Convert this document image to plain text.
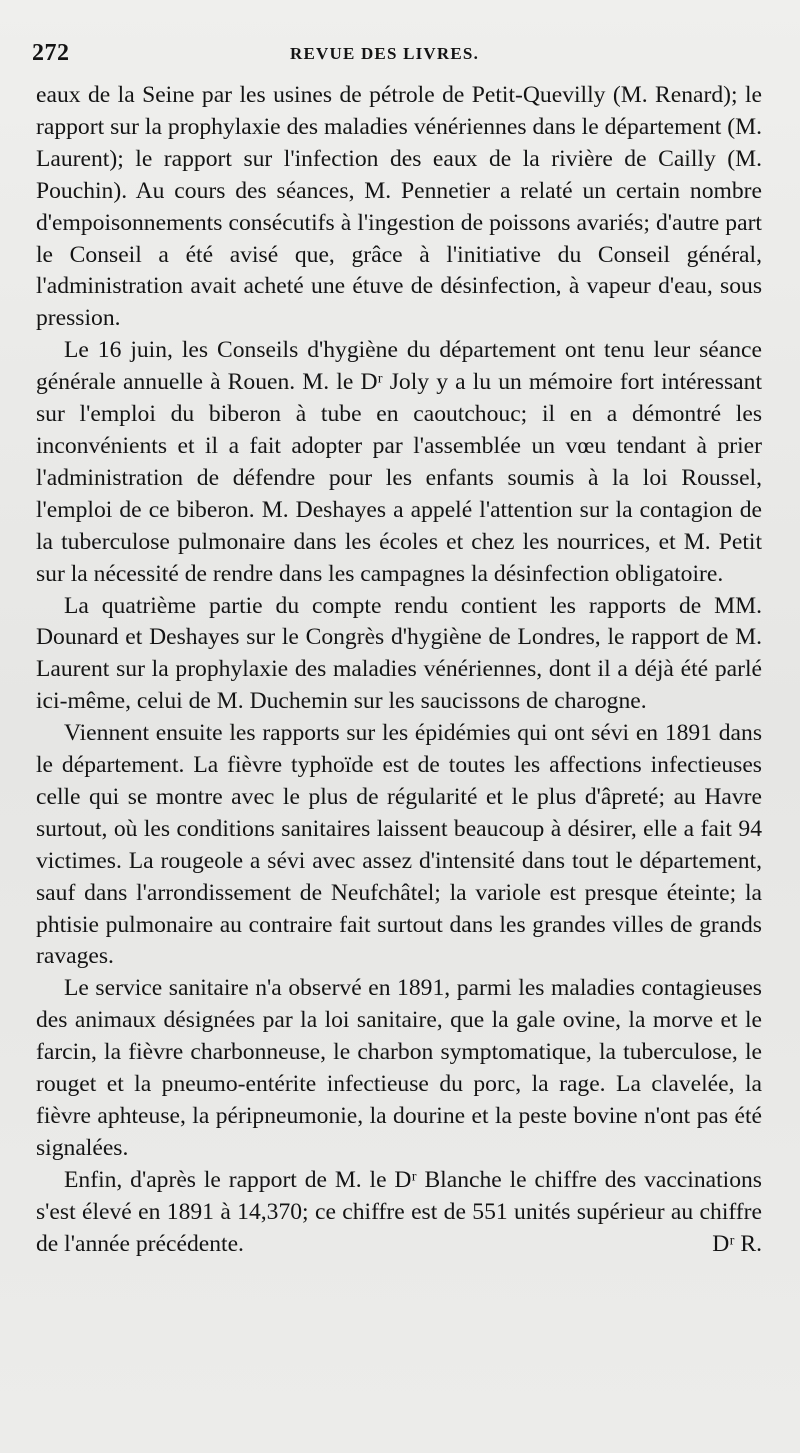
272	REVUE DES LIVRES.

eaux de la Seine par les usines de pétrole de Petit-Quevilly (M. Renard); le rapport sur la prophylaxie des maladies vénériennes dans le département (M. Laurent); le rapport sur l'infection des eaux de la rivière de Cailly (M. Pouchin). Au cours des séances, M. Pennetier a relaté un certain nombre d'empoisonnements consécutifs à l'ingestion de poissons avariés; d'autre part le Conseil a été avisé que, grâce à l'initiative du Conseil général, l'administration avait acheté une étuve de désinfection, à vapeur d'eau, sous pression.

Le 16 juin, les Conseils d'hygiène du département ont tenu leur séance générale annuelle à Rouen. M. le Dʳ Joly y a lu un mémoire fort intéressant sur l'emploi du biberon à tube en caoutchouc; il en a démontré les inconvénients et il a fait adopter par l'assemblée un vœu tendant à prier l'administration de défendre pour les enfants soumis à la loi Roussel, l'emploi de ce biberon. M. Deshayes a appelé l'attention sur la contagion de la tuberculose pulmonaire dans les écoles et chez les nourrices, et M. Petit sur la nécessité de rendre dans les campagnes la désinfection obligatoire.

La quatrième partie du compte rendu contient les rapports de MM. Dounard et Deshayes sur le Congrès d'hygiène de Londres, le rapport de M. Laurent sur la prophylaxie des maladies vénériennes, dont il a déjà été parlé ici-même, celui de M. Duchemin sur les saucissons de charogne.

Viennent ensuite les rapports sur les épidémies qui ont sévi en 1891 dans le département. La fièvre typhoïde est de toutes les affections infectieuses celle qui se montre avec le plus de régularité et le plus d'âpreté; au Havre surtout, où les conditions sanitaires laissent beaucoup à désirer, elle a fait 94 victimes. La rougeole a sévi avec assez d'intensité dans tout le département, sauf dans l'arrondissement de Neufchâtel; la variole est presque éteinte; la phtisie pulmonaire au contraire fait surtout dans les grandes villes de grands ravages.

Le service sanitaire n'a observé en 1891, parmi les maladies contagieuses des animaux désignées par la loi sanitaire, que la gale ovine, la morve et le farcin, la fièvre charbonneuse, le charbon symptomatique, la tuberculose, le rouget et la pneumo-entérite infectieuse du porc, la rage. La clavelée, la fièvre aphteuse, la péripneumonie, la dourine et la peste bovine n'ont pas été signalées.

Enfin, d'après le rapport de M. le Dʳ Blanche le chiffre des vaccinations s'est élevé en 1891 à 14,370; ce chiffre est de 551 unités supérieur au chiffre de l'année précédente.	Dʳ R.
